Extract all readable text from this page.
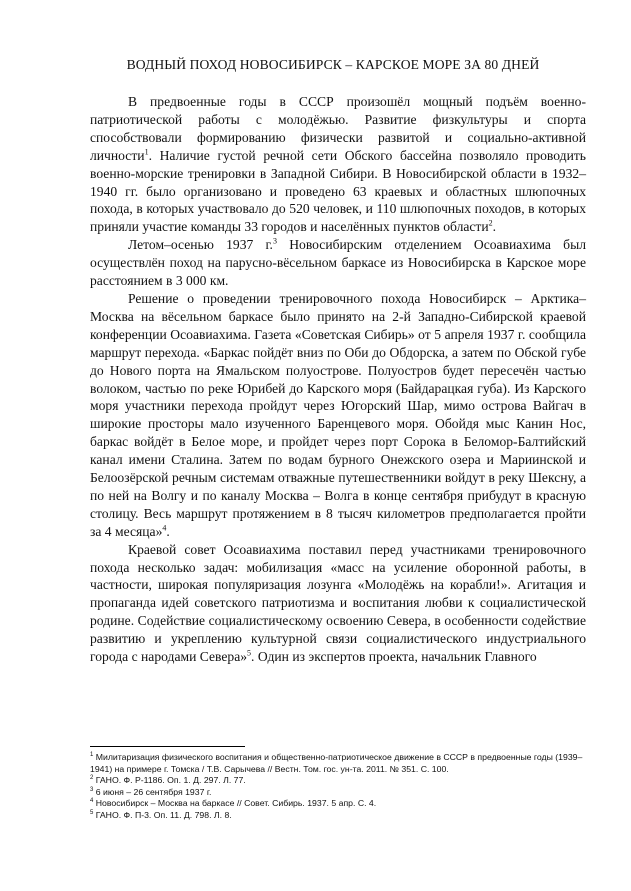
ВОДНЫЙ ПОХОД НОВОСИБИРСК – КАРСКОЕ МОРЕ ЗА 80 ДНЕЙ

В предвоенные годы в СССР произошёл мощный подъём военно-патриотической работы с молодёжью. Развитие физкультуры и спорта способствовали формированию физически развитой и социально-активной личности$^1$. Наличие густой речной сети Обского бассейна позволяло проводить военно-морские тренировки в Западной Сибири. В Новосибирской области в 1932–1940 гг. было организовано и проведено 63 краевых и областных шлюпочных похода, в которых участвовало до 520 человек, и 110 шлюпочных походов, в которых приняли участие команды 33 городов и населённых пунктов области$^2$.

Летом–осенью 1937 г.$^3$ Новосибирским отделением Осоавиахима был осуществлён поход на парусно-вёсельном баркасе из Новосибирска в Карское море расстоянием в 3 000 км.

Решение о проведении тренировочного похода Новосибирск – Арктика– Москва на вёсельном баркасе было принято на 2-й Западно-Сибирской краевой конференции Осоавиахима. Газета «Советская Сибирь» от 5 апреля 1937 г. сообщила маршрут перехода. «Баркас пойдёт вниз по Оби до Обдорска, а затем по Обской губе до Нового порта на Ямальском полуострове. Полуостров будет пересечён частью волоком, частью по реке Юрибей до Карского моря (Байдарацкая губа). Из Карского моря участники перехода пройдут через Югорский Шар, мимо острова Вайгач в широкие просторы мало изученного Баренцевого моря. Обойдя мыс Канин Нос, баркас войдёт в Белое море, и пройдет через порт Сорока в Беломор-Балтийский канал имени Сталина. Затем по водам бурного Онежского озера и Мариинской и Белоозёрской речным системам отважные путешественники войдут в реку Шексну, а по ней на Волгу и по каналу Москва – Волга в конце сентября прибудут в красную столицу. Весь маршрут протяжением в 8 тысяч километров предполагается пройти за 4 месяца»$^4$.

Краевой совет Осоавиахима поставил перед участниками тренировочного похода несколько задач: мобилизация «масс на усиление оборонной работы, в частности, широкая популяризация лозунга «Молодёжь на корабли!». Агитация и пропаганда идей советского патриотизма и воспитания любви к социалистической родине. Содействие социалистическому освоению Севера, в особенности содействие развитию и укреплению культурной связи социалистического индустриального города с народами Севера»$^5$. Один из экспертов проекта, начальник Главного

$^1$ Милитаризация физического воспитания и общественно-патриотическое движение в СССР в предвоенные годы (1939–1941) на примере г. Томска / Т.В. Сарычева // Вестн. Том. гос. ун-та. 2011. № 351. С. 100.
$^2$ ГАНО. Ф. Р-1186. Оп. 1. Д. 297. Л. 77.
$^3$ 6 июня – 26 сентября 1937 г.
$^4$ Новосибирск – Москва на баркасе // Совет. Сибирь. 1937. 5 апр. С. 4.
$^5$ ГАНО. Ф. П-3. Оп. 11. Д. 798. Л. 8.
